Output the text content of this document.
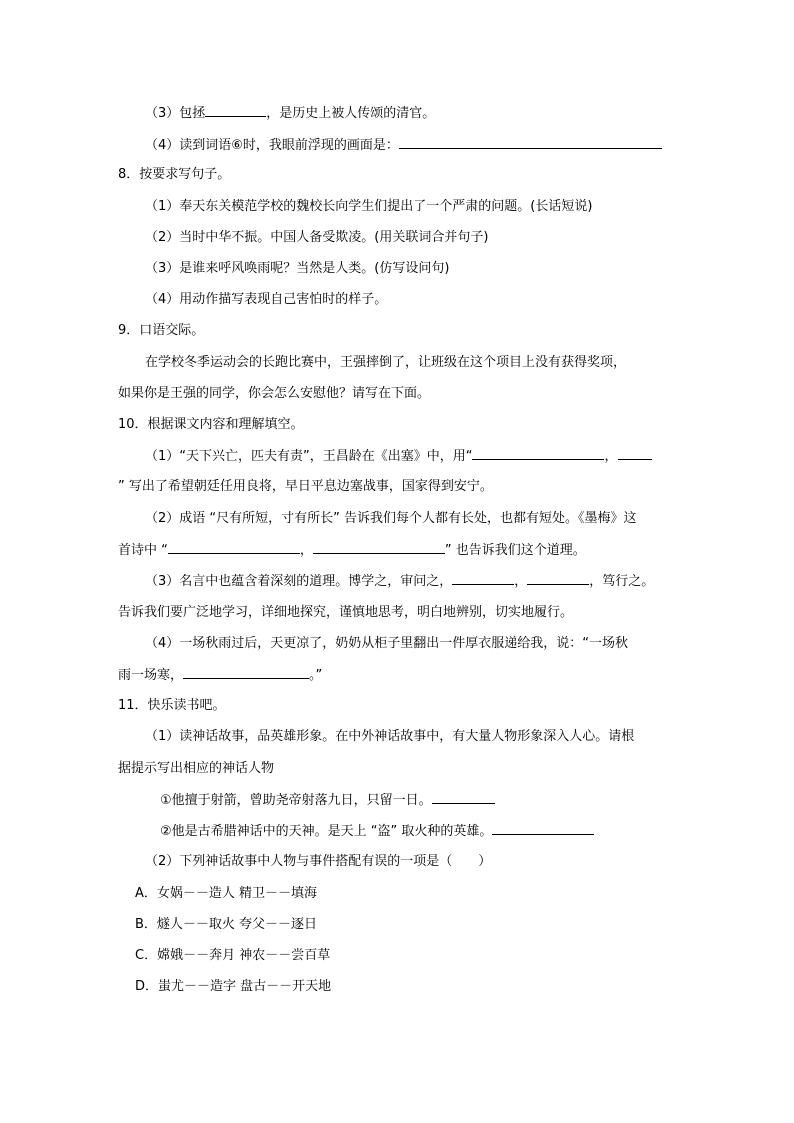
（3）包拯	，是历史上被人传颂的清官。
（4）读到词语⑥时，我眼前浮现的画面是：
8．按要求写句子。
（1）奉天东关模范学校的魏校长向学生们提出了一个严肃的问题。(长话短说)
（2）当时中华不振。中国人备受欺凌。(用关联词合并句子)
（3）是谁来呼风唤雨呢？当然是人类。(仿写设问句)
（4）用动作描写表现自己害怕时的样子。
9．口语交际。
在学校冬季运动会的长跑比赛中，王强摔倒了，让班级在这个项目上没有获得奖项，
如果你是王强的同学，你会怎么安慰他？请写在下面。
10．根据课文内容和理解填空。
（1）“天下兴亡，匹夫有责”，王昌龄在《出塞》中，用“	，
” 写出了希望朝廷任用良将，早日平息边塞战事，国家得到安宁。
（2）成语 “尺有所短，寸有所长” 告诉我们每个人都有长处，也都有短处。《墨梅》这
首诗中 “	，	” 也告诉我们这个道理。
（3）名言中也蕴含着深刻的道理。博学之，审问之，	，	，笃行之。
告诉我们要广泛地学习，详细地探究，谨慎地思考，明白地辨别，切实地履行。
（4）一场秋雨过后，天更凉了，奶奶从柜子里翻出一件厚衣服递给我，说：“一场秋
雨一场寒，	。”
11．快乐读书吧。
（1）读神话故事，品英雄形象。在中外神话故事中，有大量人物形象深入人心。请根
据提示写出相应的神话人物
①他擅于射箭，曾助尧帝射落九日，只留一日。
②他是古希腊神话中的天神。是天上 “盗” 取火种的英雄。
（2）下列神话故事中人物与事件搭配有误的一项是（　　）
A．女娲－－造人 精卫－－填海
B．燧人－－取火 夸父－－逐日
C．嫦娥－－奔月 神农－－尝百草
D．蚩尤－－造字 盘古－－开天地
